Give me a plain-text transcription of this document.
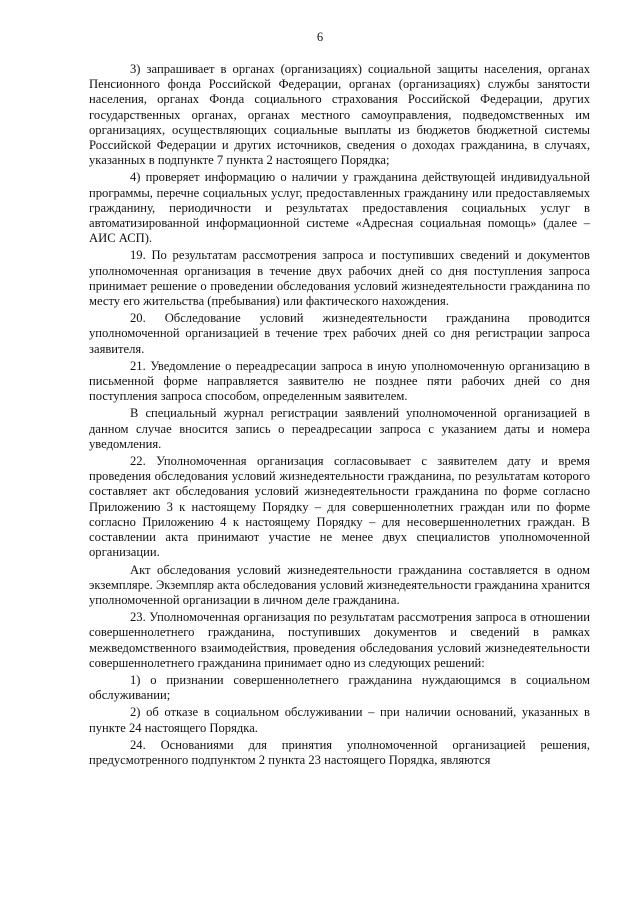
6

3) запрашивает в органах (организациях) социальной защиты населения, органах Пенсионного фонда Российской Федерации, органах (организациях) службы занятости населения, органах Фонда социального страхования Российской Федерации, других государственных органах, органах местного самоуправления, подведомственных им организациях, осуществляющих социальные выплаты из бюджетов бюджетной системы Российской Федерации и других источников, сведения о доходах гражданина, в случаях, указанных в подпункте 7 пункта 2 настоящего Порядка;

4) проверяет информацию о наличии у гражданина действующей индивидуальной программы, перечне социальных услуг, предоставленных гражданину или предоставляемых гражданину, периодичности и результатах предоставления социальных услуг в автоматизированной информационной системе «Адресная социальная помощь» (далее – АИС АСП).

19. По результатам рассмотрения запроса и поступивших сведений и документов уполномоченная организация в течение двух рабочих дней со дня поступления запроса принимает решение о проведении обследования условий жизнедеятельности гражданина по месту его жительства (пребывания) или фактического нахождения.

20. Обследование условий жизнедеятельности гражданина проводится уполномоченной организацией в течение трех рабочих дней со дня регистрации запроса заявителя.

21. Уведомление о переадресации запроса в иную уполномоченную организацию в письменной форме направляется заявителю не позднее пяти рабочих дней со дня поступления запроса способом, определенным заявителем.

В специальный журнал регистрации заявлений уполномоченной организацией в данном случае вносится запись о переадресации запроса с указанием даты и номера уведомления.

22. Уполномоченная организация согласовывает с заявителем дату и время проведения обследования условий жизнедеятельности гражданина, по результатам которого составляет акт обследования условий жизнедеятельности гражданина по форме согласно Приложению 3 к настоящему Порядку – для совершеннолетних граждан или по форме согласно Приложению 4 к настоящему Порядку – для несовершеннолетних граждан. В составлении акта принимают участие не менее двух специалистов уполномоченной организации.

Акт обследования условий жизнедеятельности гражданина составляется в одном экземпляре. Экземпляр акта обследования условий жизнедеятельности гражданина хранится уполномоченной организации в личном деле гражданина.

23. Уполномоченная организация по результатам рассмотрения запроса в отношении совершеннолетнего гражданина, поступивших документов и сведений в рамках межведомственного взаимодействия, проведения обследования условий жизнедеятельности совершеннолетнего гражданина принимает одно из следующих решений:

1) о признании совершеннолетнего гражданина нуждающимся в социальном обслуживании;

2) об отказе в социальном обслуживании – при наличии оснований, указанных в пункте 24 настоящего Порядка.

24. Основаниями для принятия уполномоченной организацией решения, предусмотренного подпунктом 2 пункта 23 настоящего Порядка, являются
